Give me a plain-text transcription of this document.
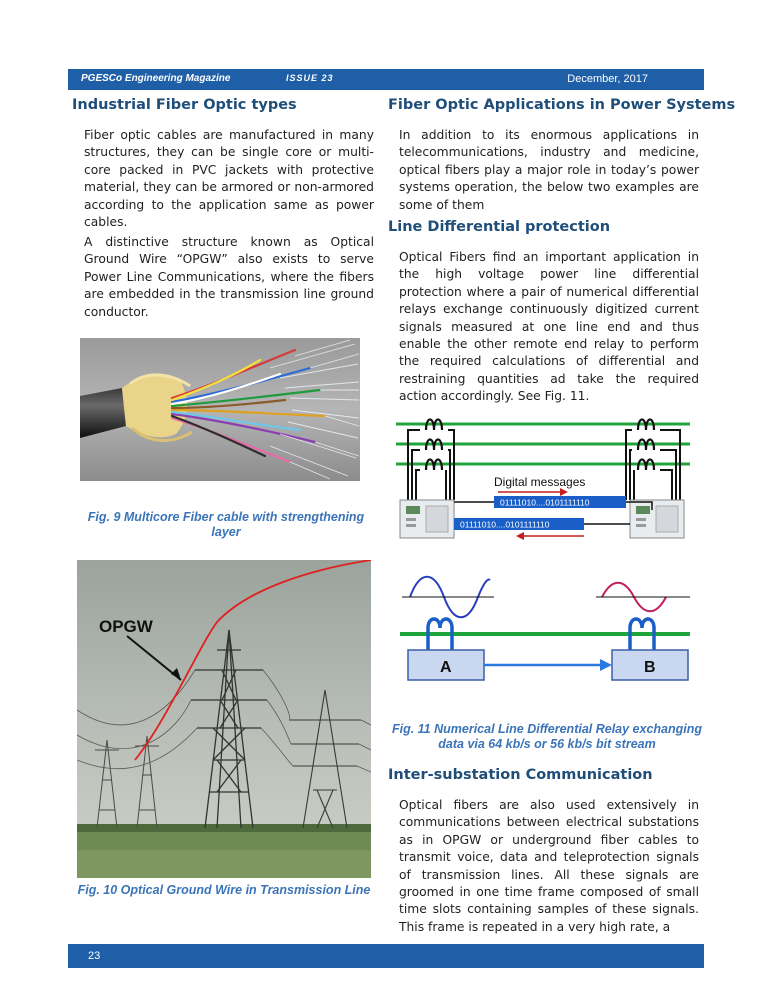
PGESCo Engineering Magazine	ISSUE 23	December, 2017
Industrial Fiber Optic types
Fiber optic cables are manufactured in many structures, they can be single core or multi-core packed in PVC jackets with protective material, they can be armored or non-armored according to the application same as power cables.
A distinctive structure known as Optical Ground Wire “OPGW” also exists to serve Power Line Communications, where the fibers are embedded in the transmission line ground conductor.
Fig. 9 Multicore Fiber cable with strengthening layer
OPGW
Fig. 10 Optical Ground Wire in Transmission Line
Fiber Optic Applications in Power Systems
In addition to its enormous applications in telecommunications, industry and medicine, optical fibers play a major role in today’s power systems operation, the below two examples are some of them
Line Differential protection
Optical Fibers find an important application in the high voltage power line differential protection where a pair of numerical differential relays exchange continuously digitized current signals measured at one line end and thus enable the other remote end relay to perform the required calculations of differential and restraining quantities ad take the required action accordingly. See Fig. 11.
Digital messages
01111010....0101111110
01111010....0101111110
A	B
Fig. 11 Numerical Line Differential Relay exchanging data via 64 kb/s or 56 kb/s bit stream
Inter-substation Communication
Optical fibers are also used extensively in communications between electrical substations as in OPGW or underground fiber cables to transmit voice, data and teleprotection signals of transmission lines. All these signals are groomed in one time frame composed of small time slots containing samples of these signals. This frame is repeated in a very high rate, a
23
